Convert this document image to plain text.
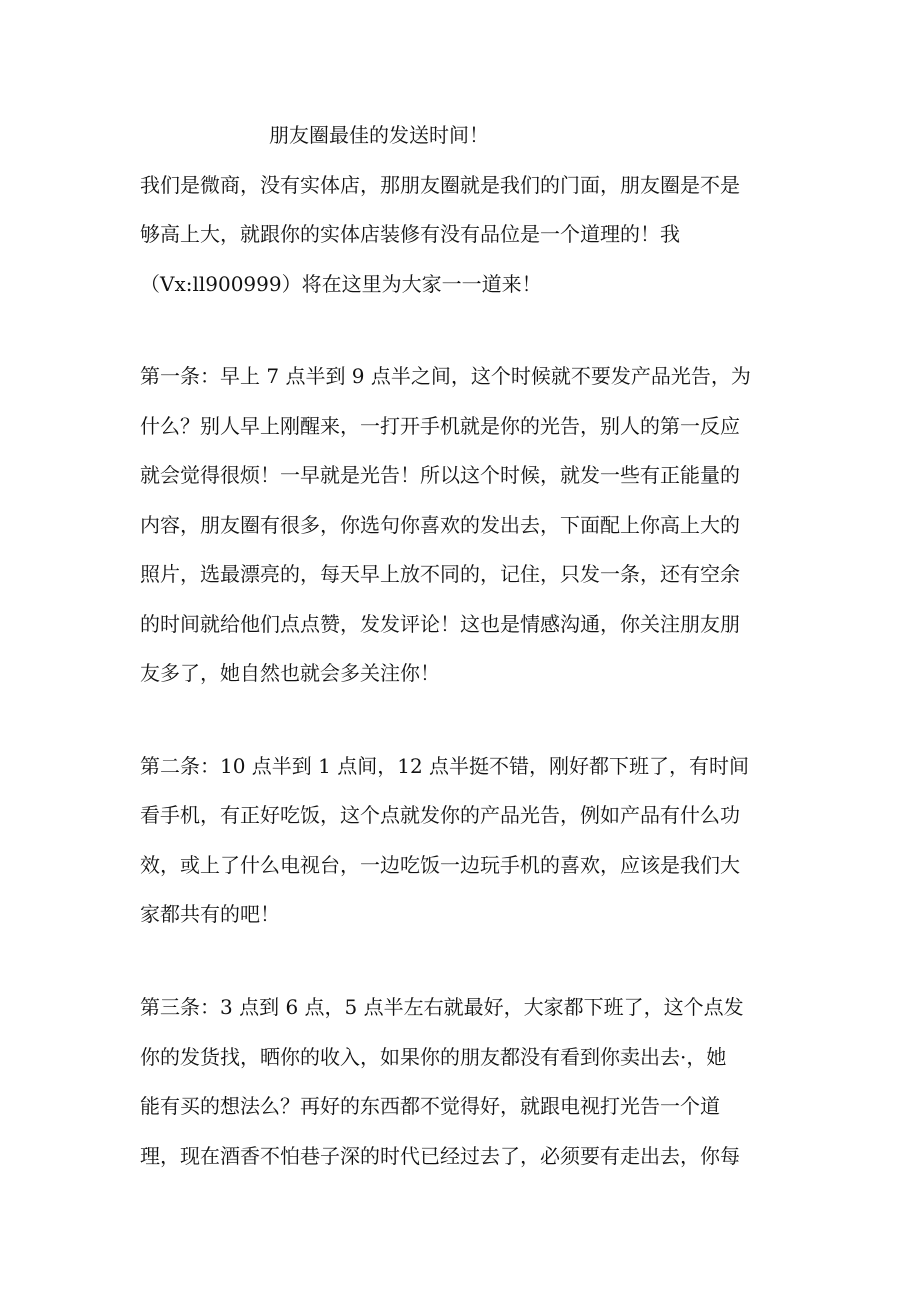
朋友圈最佳的发送时间！
我们是微商，没有实体店，那朋友圈就是我们的门面，朋友圈是不是
够高上大，就跟你的实体店装修有没有品位是一个道理的！我
（Vx:ll900999）将在这里为大家一一道来！
第一条：早上 7 点半到 9 点半之间，这个时候就不要发产品光告，为
什么？别人早上刚醒来，一打开手机就是你的光告，别人的第一反应
就会觉得很烦！一早就是光告！所以这个时候，就发一些有正能量的
内容，朋友圈有很多，你选句你喜欢的发出去，下面配上你高上大的
照片，选最漂亮的，每天早上放不同的，记住，只发一条，还有空余
的时间就给他们点点赞，发发评论！这也是情感沟通，你关注朋友朋
友多了，她自然也就会多关注你！
第二条：10 点半到 1 点间，12 点半挺不错，刚好都下班了，有时间
看手机，有正好吃饭，这个点就发你的产品光告，例如产品有什么功
效，或上了什么电视台，一边吃饭一边玩手机的喜欢，应该是我们大
家都共有的吧！
第三条：3 点到 6 点，5 点半左右就最好，大家都下班了，这个点发
你的发货找，晒你的收入，如果你的朋友都没有看到你卖出去·，她
能有买的想法么？再好的东西都不觉得好，就跟电视打光告一个道
理，现在酒香不怕巷子深的时代已经过去了，必须要有走出去，你每
